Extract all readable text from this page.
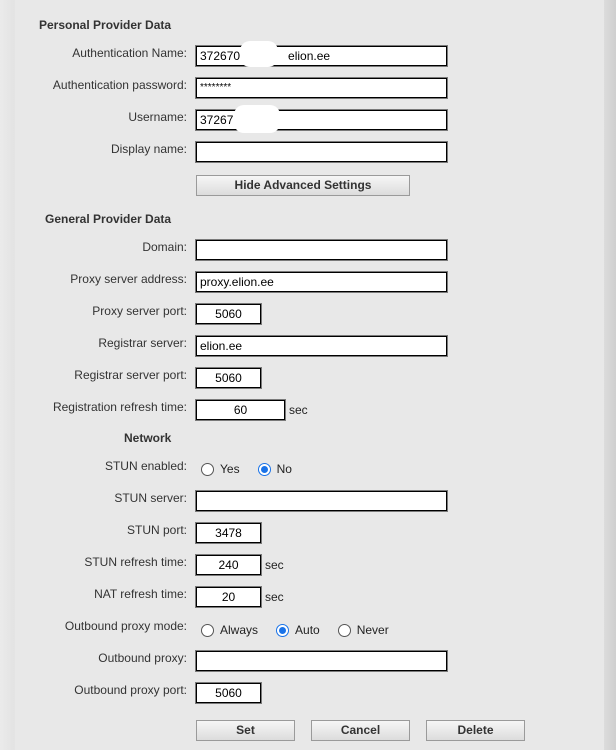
Personal Provider Data
Authentication Name:	372670	elion.ee
Authentication password:	********
Username:	37267
Display name:
Hide Advanced Settings
General Provider Data
Domain:
Proxy server address:	proxy.elion.ee
Proxy server port:	5060
Registrar server:	elion.ee
Registrar server port:	5060
Registration refresh time:	60	sec
Network
STUN enabled:	Yes	No
STUN server:
STUN port:	3478
STUN refresh time:	240	sec
NAT refresh time:	20	sec
Outbound proxy mode:	Always	Auto	Never
Outbound proxy:
Outbound proxy port:	5060
Set	Cancel	Delete
